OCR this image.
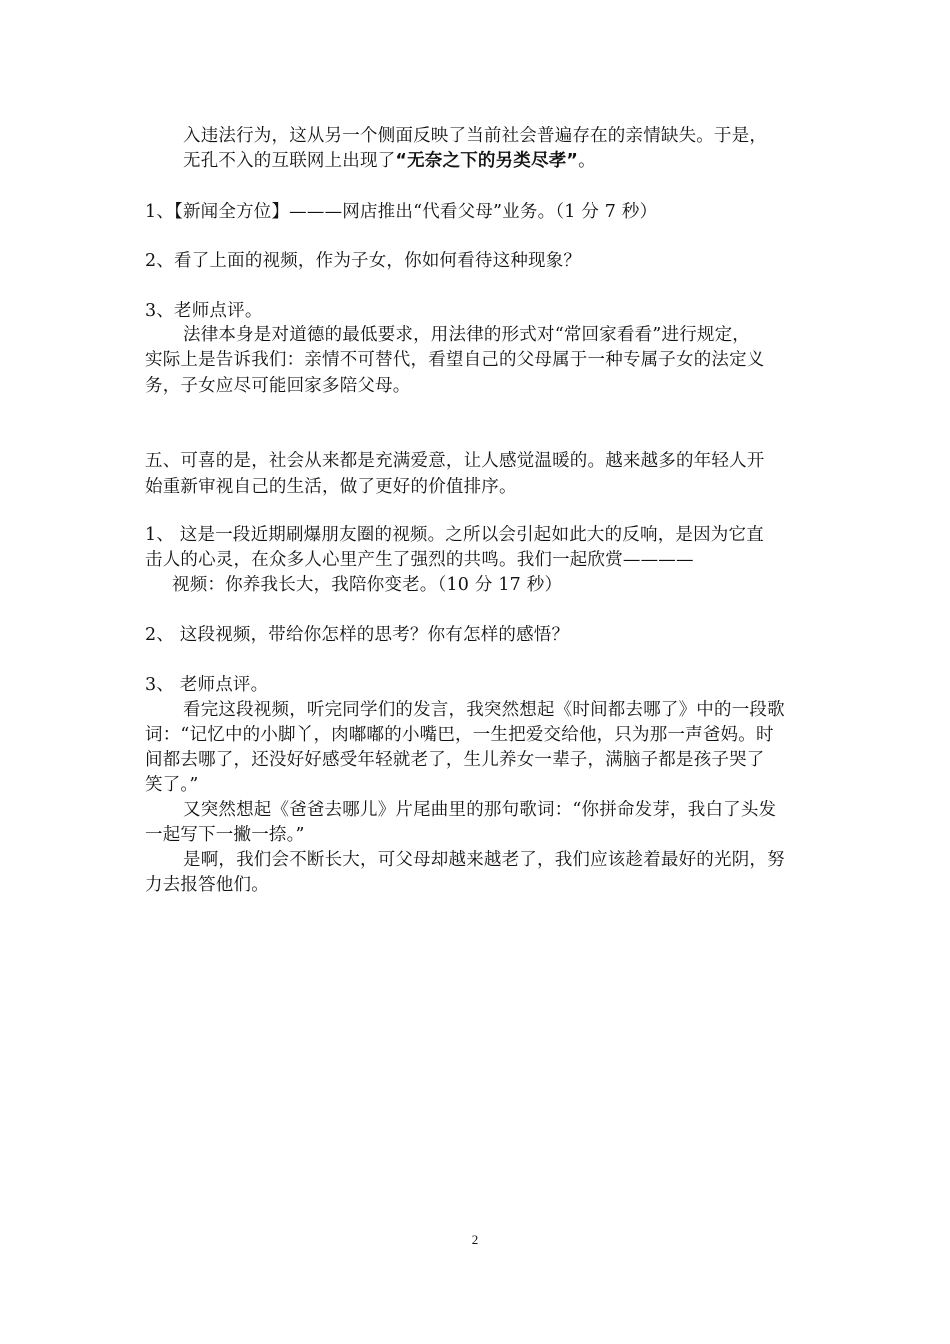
入违法行为，这从另一个侧面反映了当前社会普遍存在的亲情缺失。于是，
无孔不入的互联网上出现了“无奈之下的另类尽孝”。
1、【新闻全方位】———网店推出“代看父母”业务。（1 分 7 秒）
2、看了上面的视频，作为子女，你如何看待这种现象？
3、老师点评。
法律本身是对道德的最低要求，用法律的形式对“常回家看看”进行规定，
实际上是告诉我们：亲情不可替代，看望自己的父母属于一种专属子女的法定义
务，子女应尽可能回家多陪父母。
五、可喜的是，社会从来都是充满爱意，让人感觉温暖的。越来越多的年轻人开
始重新审视自己的生活，做了更好的价值排序。
1、 这是一段近期刷爆朋友圈的视频。之所以会引起如此大的反响，是因为它直
击人的心灵，在众多人心里产生了强烈的共鸣。我们一起欣赏————
视频：你养我长大，我陪你变老。（10 分 17 秒）
2、 这段视频，带给你怎样的思考？你有怎样的感悟？
3、 老师点评。
看完这段视频，听完同学们的发言，我突然想起《时间都去哪了》中的一段歌
词：“记忆中的小脚丫，肉嘟嘟的小嘴巴，一生把爱交给他，只为那一声爸妈。时
间都去哪了，还没好好感受年轻就老了，生儿养女一辈子，满脑子都是孩子哭了
笑了。”
又突然想起《爸爸去哪儿》片尾曲里的那句歌词：“你拼命发芽，我白了头发
一起写下一撇一捺。”
是啊，我们会不断长大，可父母却越来越老了，我们应该趁着最好的光阴，努
力去报答他们。
2
